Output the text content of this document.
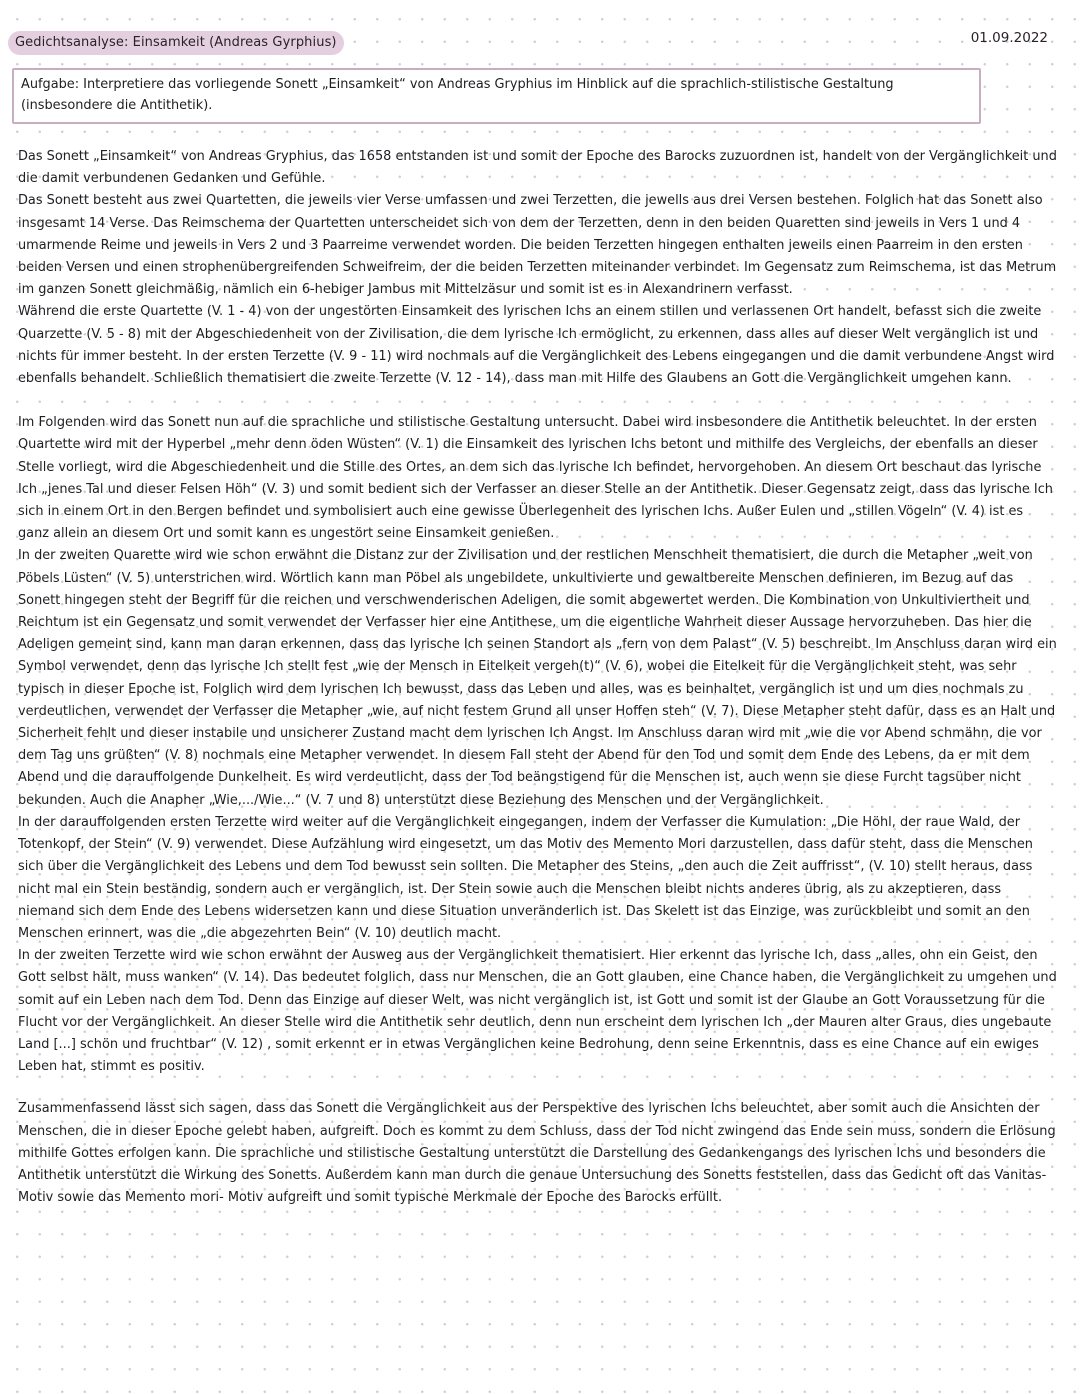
Gedichtsanalyse: Einsamkeit (Andreas Gyrphius)	01.09.2022
Aufgabe: Interpretiere das vorliegende Sonett „Einsamkeit“ von Andreas Gryphius im Hinblick auf die sprachlich-stilistische Gestaltung (insbesondere die Antithetik).

Das Sonett „Einsamkeit“ von Andreas Gryphius, das 1658 entstanden ist und somit der Epoche des Barocks zuzuordnen ist, handelt von der Vergänglichkeit und die damit verbundenen Gedanken und Gefühle.

Das Sonett besteht aus zwei Quartetten, die jeweils vier Verse umfassen und zwei Terzetten, die jewells aus drei Versen bestehen. Folglich hat das Sonett also insgesamt 14 Verse. Das Reimschema der Quartetten unterscheidet sich von dem der Terzetten, denn in den beiden Quaretten sind jeweils in Vers 1 und 4 umarmende Reime und jeweils in Vers 2 und 3 Paarreime verwendet worden. Die beiden Terzetten hingegen enthalten jeweils einen Paarreim in den ersten beiden Versen und einen strophenübergreifenden Schweifreim, der die beiden Terzetten miteinander verbindet. Im Gegensatz zum Reimschema, ist das Metrum im ganzen Sonett gleichmäßig, nämlich ein 6-hebiger Jambus mit Mittelzäsur und somit ist es in Alexandrinern verfasst.

Während die erste Quartette (V. 1 - 4) von der ungestörten Einsamkeit des lyrischen Ichs an einem stillen und verlassenen Ort handelt, befasst sich die zweite Quarzette (V. 5 - 8) mit der Abgeschiedenheit von der Zivilisation, die dem lyrische Ich ermöglicht, zu erkennen, dass alles auf dieser Welt vergänglich ist und nichts für immer besteht. In der ersten Terzette (V. 9 - 11) wird nochmals auf die Vergänglichkeit des Lebens eingegangen und die damit verbundene Angst wird ebenfalls behandelt. Schließlich thematisiert die zweite Terzette (V. 12 - 14), dass man mit Hilfe des Glaubens an Gott die Vergänglichkeit umgehen kann.

Im Folgenden wird das Sonett nun auf die sprachliche und stilistische Gestaltung untersucht. Dabei wird insbesondere die Antithetik beleuchtet. In der ersten Quartette wird mit der Hyperbel „mehr denn öden Wüsten“ (V. 1) die Einsamkeit des lyrischen Ichs betont und mithilfe des Vergleichs, der ebenfalls an dieser Stelle vorliegt, wird die Abgeschiedenheit und die Stille des Ortes, an dem sich das lyrische Ich befindet, hervorgehoben. An diesem Ort beschaut das lyrische Ich „jenes Tal und dieser Felsen Höh“ (V. 3) und somit bedient sich der Verfasser an dieser Stelle an der Antithetik. Dieser Gegensatz zeigt, dass das lyrische Ich sich in einem Ort in den Bergen befindet und symbolisiert auch eine gewisse Überlegenheit des lyrischen Ichs. Außer Eulen und „stillen Vögeln“ (V. 4) ist es ganz allein an diesem Ort und somit kann es ungestört seine Einsamkeit genießen.

In der zweiten Quarette wird wie schon erwähnt die Distanz zur der Zivilisation und der restlichen Menschheit thematisiert, die durch die Metapher „weit von Pöbels Lüsten“ (V. 5) unterstrichen wird. Wörtlich kann man Pöbel als ungebildete, unkultivierte und gewaltbereite Menschen definieren, im Bezug auf das Sonett hingegen steht der Begriff für die reichen und verschwenderischen Adeligen, die somit abgewertet werden. Die Kombination von Unkultiviertheit und Reichtum ist ein Gegensatz und somit verwendet der Verfasser hier eine Antithese, um die eigentliche Wahrheit dieser Aussage hervorzuheben. Das hier die Adeligen gemeint sind, kann man daran erkennen, dass das lyrische Ich seinen Standort als „fern von dem Palast“ (V. 5) beschreibt. Im Anschluss daran wird ein Symbol verwendet, denn das lyrische Ich stellt fest „wie der Mensch in Eitelkeit vergeh(t)“ (V. 6), wobei die Eitelkeit für die Vergänglichkeit steht, was sehr typisch in dieser Epoche ist. Folglich wird dem lyrischen Ich bewusst, dass das Leben und alles, was es beinhaltet, vergänglich ist und um dies nochmals zu verdeutlichen, verwendet der Verfasser die Metapher „wie, auf nicht festem Grund all unser Hoffen steh“ (V. 7). Diese Metapher steht dafür, dass es an Halt und Sicherheit fehlt und dieser instabile und unsicherer Zustand macht dem lyrischen Ich Angst. Im Anschluss daran wird mit „wie die vor Abend schmähn, die vor dem Tag uns grüßten“ (V. 8) nochmals eine Metapher verwendet. In diesem Fall steht der Abend für den Tod und somit dem Ende des Lebens, da er mit dem Abend und die darauffolgende Dunkelheit. Es wird verdeutlicht, dass der Tod beängstigend für die Menschen ist, auch wenn sie diese Furcht tagsüber nicht bekunden. Auch die Anapher „Wie,.../Wie...“ (V. 7 und 8) unterstützt diese Beziehung des Menschen und der Vergänglichkeit.

In der darauffolgenden ersten Terzette wird weiter auf die Vergänglichkeit eingegangen, indem der Verfasser die Kumulation: „Die Höhl, der raue Wald, der Totenkopf, der Stein“ (V. 9) verwendet. Diese Aufzählung wird eingesetzt, um das Motiv des Memento Mori darzustellen, dass dafür steht, dass die Menschen sich über die Vergänglichkeit des Lebens und dem Tod bewusst sein sollten. Die Metapher des Steins, „den auch die Zeit auffrisst“, (V. 10) stellt heraus, dass nicht mal ein Stein beständig, sondern auch er vergänglich, ist. Der Stein sowie auch die Menschen bleibt nichts anderes übrig, als zu akzeptieren, dass niemand sich dem Ende des Lebens widersetzen kann und diese Situation unveränderlich ist. Das Skelett ist das Einzige, was zurückbleibt und somit an den Menschen erinnert, was die „die abgezehrten Bein“ (V. 10) deutlich macht.

In der zweiten Terzette wird wie schon erwähnt der Ausweg aus der Vergänglichkeit thematisiert. Hier erkennt das lyrische Ich, dass „alles, ohn ein Geist, den Gott selbst hält, muss wanken“ (V. 14). Das bedeutet folglich, dass nur Menschen, die an Gott glauben, eine Chance haben, die Vergänglichkeit zu umgehen und somit auf ein Leben nach dem Tod. Denn das Einzige auf dieser Welt, was nicht vergänglich ist, ist Gott und somit ist der Glaube an Gott Voraussetzung für die Flucht vor der Vergänglichkeit. An dieser Stelle wird die Antithetik sehr deutlich, denn nun erscheint dem lyrischen Ich „der Mauren alter Graus, dies ungebaute Land [...] schön und fruchtbar“ (V. 12) , somit erkennt er in etwas Vergänglichen keine Bedrohung, denn seine Erkenntnis, dass es eine Chance auf ein ewiges Leben hat, stimmt es positiv.

Zusammenfassend lässt sich sagen, dass das Sonett die Vergänglichkeit aus der Perspektive des lyrischen Ichs beleuchtet, aber somit auch die Ansichten der Menschen, die in dieser Epoche gelebt haben, aufgreift. Doch es kommt zu dem Schluss, dass der Tod nicht zwingend das Ende sein muss, sondern die Erlösung mithilfe Gottes erfolgen kann. Die sprachliche und stilistische Gestaltung unterstützt die Darstellung des Gedankengangs des lyrischen Ichs und besonders die Antithetik unterstützt die Wirkung des Sonetts. Außerdem kann man durch die genaue Untersuchung des Sonetts feststellen, dass das Gedicht oft das Vanitas-Motiv sowie das Memento mori- Motiv aufgreift und somit typische Merkmale der Epoche des Barocks erfüllt.
